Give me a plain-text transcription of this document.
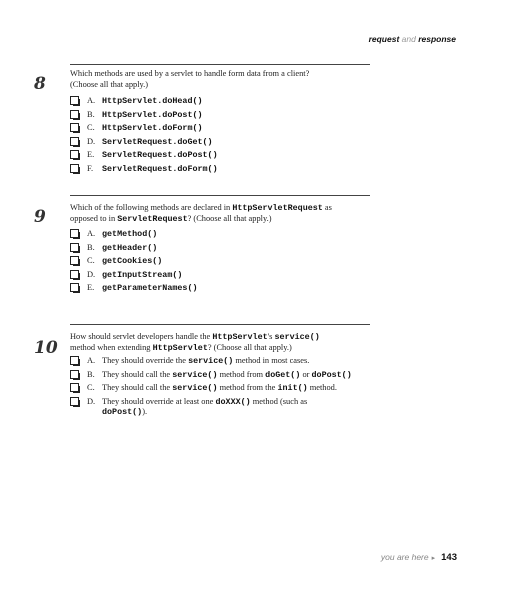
request and response
8
Which methods are used by a servlet to handle form data from a client?
(Choose all that apply.)
A. HttpServlet.doHead()
B. HttpServlet.doPost()
C. HttpServlet.doForm()
D. ServletRequest.doGet()
E. ServletRequest.doPost()
F. ServletRequest.doForm()
9	Which of the following methods are declared in HttpServletRequest as
opposed to in ServletRequest? (Choose all that apply.)
A. getMethod()
B. getHeader()
C. getCookies()
D. getInputStream()
E. getParameterNames()
10
How should servlet developers handle the HttpServlet's service()
method when extending HttpServlet? (Choose all that apply.)
A. They should override the service() method in most cases.
B. They should call the service() method from doGet() or doPost()
C. They should call the service() method from the init() method.
D. They should override at least one doXXX() method (such as
doPost()).
you are here ▸ 143
